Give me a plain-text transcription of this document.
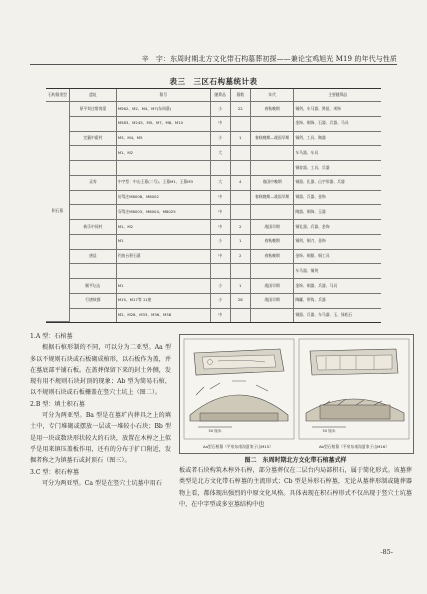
辛　宇：东周时期北方文化带石构墓葬初探——兼论宝鸡旭光 M19 的年代与性质
表三　三区石构墓统计表
石构墓类型	遗址	墓号	随葬品	墓数	年代	主要随葬品
积石墓	原平刘庄塔岗梁	M562、M2、M4、M7(东周墓)	小	22	春秋晚期	铜剑、车马器、鼻钮、项饰
		M583、M245、M5、M7、M8、M10	中			金饰、铜饰、石器、兵器、马具
	定襄中霍村	M3、M4、M5	小	1	春秋晚期—战国早期	铜剑、工具、陶器
		M1、M2	大			车马器、车具
						铜容器、工具、兵器
	灵寿	中字型：中山王墓(二号)、王墓M1、王墓M3	大	4	战国中晚期	铜器、礼器、山字形器、兵器
		访驾庄M8008、M8002	中		春秋晚期—战国早期	铜器、兵器、金饰
		穿驾庄M8003、M8004、M8025	中			陶器、铜饰、玉器
	新乐中同村	M1、M2	中	2	战国早期	铜礼器、兵器、金饰
		M1	小	1	春秋晚期	铜剑、铜刀、金饰
	唐县	钓鱼台积石墓	中	2	春秋晚期	金饰、铜鼎、铜工具
						车马器、铜剑
	顺平坛山	M1	小	1	战国早期	金饰、铜器、兵器、马具
	行唐故郡	M15、M17等 11座	小	28	战国早期	陶罐、带钩、兵器
		M2、M28、M33、M36、M38	中			铜器、兵器、车马器、玉、绿松石

1.A 型：石棺墓

根据石棺形制的不同，可以分为二亚型。Aa 型多以不规则石块或石板砌成棺形，以石板作为盖，并在墓底部平铺石板。在盖葬保留下来的封土外侧，发现有用不规则石块封顶的现象；Ab 型为简易石棺，以不规则石块或石板栅盖在竖穴土坑上（图二）。

2.B 型：填土积石墓

可分为两亚型。Ba 型是在墓圹内葬具之上的填土中，专门堆砌或摆放一层或一堆较小石块；Bb 型是用一块或数块形状较大的石块，放置在木椁之上似乎是用来镇压盖板作用，还有的分布于扩口附近，发掘者称之为镇墓石或封顶石（图三）。

3.C 型：积石椁墓

可分为两亚型。Ca 型是在竖穴土坑墓中用石

50 厘米	50 厘米
Aa型石棺墓（平泉东南沟夏家子山M15）	Ab型石棺墓（平泉东南沟夏家子山M16）
图二　东周时期北方文化带石棺墓式样

板或者石块构筑木椁外石椁，部分墓葬仅在二层台内局部积石，属于简化形式。该墓葬类型是北方文化带石椁墓的主流形式；Cb 型是异形石椁墓，无论从墓葬形制或随葬器物上看，都体现出强烈的中原文化风格。具体表现在积石椁形式不仅出现于竖穴土坑墓中，在中字型或多室墓结构中也

-85-
